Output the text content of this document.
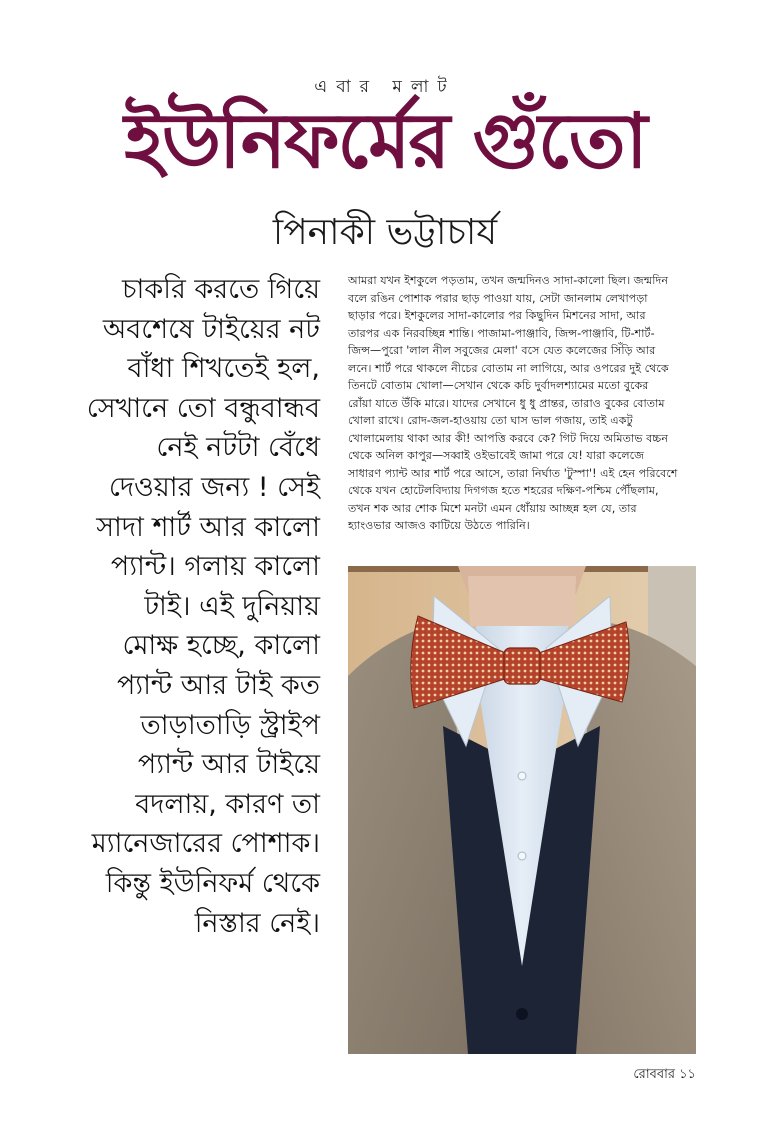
এবার মলাট
ইউনিফর্মের গুঁতো
পিনাকী ভট্টাচার্য
চাকরি করতে গিয়ে
অবশেষে টাইয়ের নট
বাঁধা শিখতেই হল,
সেখানে তো বন্ধুবান্ধব
নেই নটটা বেঁধে
দেওয়ার জন্য ! সেই
সাদা শার্ট আর কালো
প্যান্ট। গলায় কালো
টাই। এই দুনিয়ায়
মোক্ষ হচ্ছে, কালো
প্যান্ট আর টাই কত
তাড়াতাড়ি স্ট্রাইপ
প্যান্ট আর টাইয়ে
বদলায়, কারণ তা
ম্যানেজারের পোশাক।
কিন্তু ইউনিফর্ম থেকে
নিস্তার নেই।
আমরা যখন ইশকুলে পড়তাম, তখন জন্মদিনও সাদা-কালো ছিল। জন্মদিন
বলে রঙিন পোশাক পরার ছাড় পাওয়া যায়, সেটা জানলাম লেখাপড়া
ছাড়ার পরে। ইশকুলের সাদা-কালোর পর কিছুদিন মিশনের সাদা, আর
তারপর এক নিরবচ্ছিন্ন শান্তি। পাজামা-পাঞ্জাবি, জিন্স-পাঞ্জাবি, টি-শার্ট-
জিন্স—পুরো 'লাল নীল সবুজের মেলা' বসে যেত কলেজের সিঁড়ি আর
লনে। শার্ট পরে থাকলে নীচের বোতাম না লাগিয়ে, আর ওপরের দুই থেকে
তিনটে বোতাম খোলা—সেখান থেকে কচি দুর্বাদলশ্যামের মতো বুকের
রোঁয়া যাতে উঁকি মারে। যাদের সেখানে ধু ধু প্রান্তর, তারাও বুকের বোতাম
খোলা রাখে। রোদ-জল-হাওয়ায় তো ঘাস ভাল গজায়, তাই একটু
খোলামেলায় থাকা আর কী! আপত্তি করবে কে? গিট দিয়ে অমিতাভ বচ্চন
থেকে অনিল কাপুর—সব্বাই ওইভাবেই জামা পরে যে! যারা কলেজে
সাধারণ প্যান্ট আর শার্ট পরে আসে, তারা নির্ঘাত 'টুস্পা'! এই হেন পরিবেশে
থেকে যখন হোটেলবিদ্যায় দিগগজ হতে শহরের দক্ষিণ-পশ্চিম পৌঁছলাম,
তখন শক আর শোক মিশে মনটা এমন ধোঁয়ায় আচ্ছন্ন হল যে, তার
হ্যাংওভার আজও কাটিয়ে উঠতে পারিনি।
রোববার ১১
